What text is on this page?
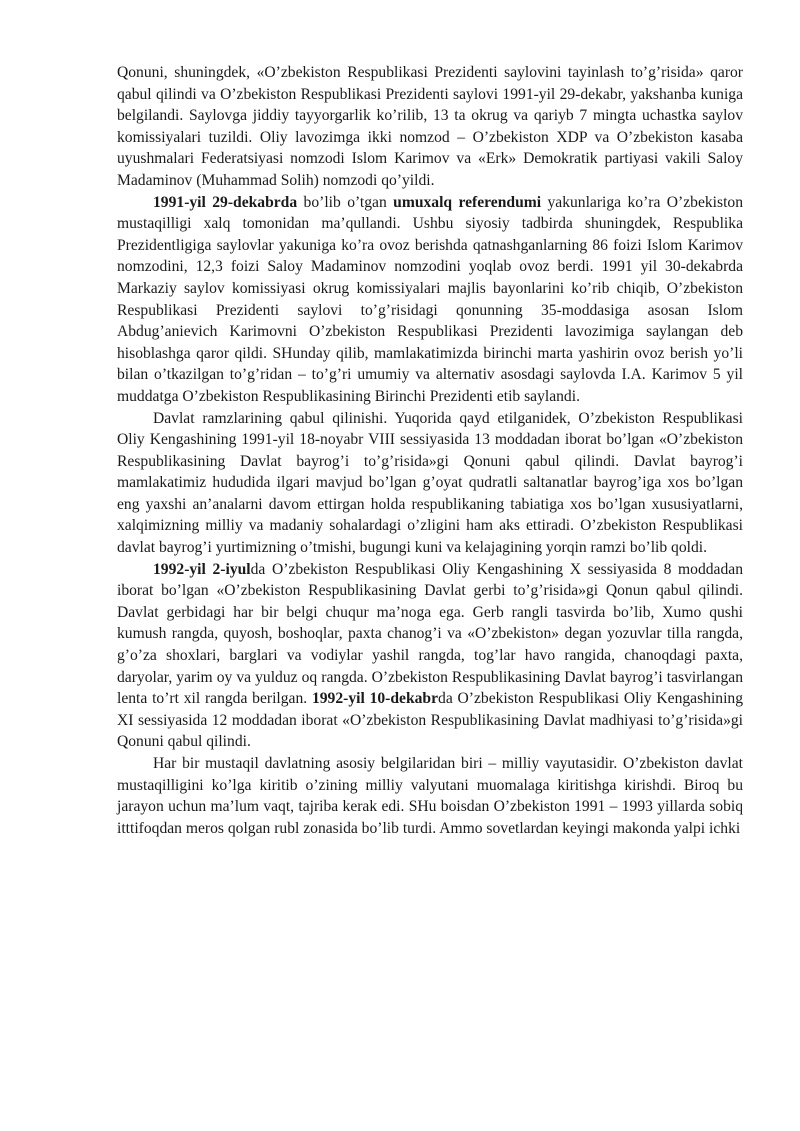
Qonuni, shuningdek, «O’zbekiston Respublikasi Prezidenti saylovini tayinlash to’g’risida» qaror qabul qilindi va O’zbekiston Respublikasi Prezidenti saylovi 1991-yil 29-dekabr, yakshanba kuniga belgilandi. Saylovga jiddiy tayyorgarlik ko’rilib, 13 ta okrug va qariyb 7 mingta uchastka saylov komissiyalari tuzildi. Oliy lavozimga ikki nomzod – O’zbekiston XDP va O’zbekiston kasaba uyushmalari Federatsiyasi nomzodi Islom Karimov va «Erk» Demokratik partiyasi vakili Saloy Madaminov (Muhammad Solih) nomzodi qo’yildi.

1991-yil 29-dekabrda bo’lib o’tgan umuxalq referendumi yakunlariga ko’ra O’zbekiston mustaqilligi xalq tomonidan ma’qullandi. Ushbu siyosiy tadbirda shuningdek, Respublika Prezidentligiga saylovlar yakuniga ko’ra ovoz berishda qatnashganlarning 86 foizi Islom Karimov nomzodini, 12,3 foizi Saloy Madaminov nomzodini yoqlab ovoz berdi. 1991 yil 30-dekabrda Markaziy saylov komissiyasi okrug komissiyalari majlis bayonlarini ko’rib chiqib, O’zbekiston Respublikasi Prezidenti saylovi to’g’risidagi qonunning 35-moddasiga asosan Islom Abdug’anievich Karimovni O’zbekiston Respublikasi Prezidenti lavozimiga saylangan deb hisoblashga qaror qildi. SHunday qilib, mamlakatimizda birinchi marta yashirin ovoz berish yo’li bilan o’tkazilgan to’g’ridan – to’g’ri umumiy va alternativ asosdagi saylovda I.A. Karimov 5 yil muddatga O’zbekiston Respublikasining Birinchi Prezidenti etib saylandi.

Davlat ramzlarining qabul qilinishi. Yuqorida qayd etilganidek, O’zbekiston Respublikasi Oliy Kengashining 1991-yil 18-noyabr VIII sessiyasida 13 moddadan iborat bo’lgan «O’zbekiston Respublikasining Davlat bayrog’i to’g’risida»gi Qonuni qabul qilindi. Davlat bayrog’i mamlakatimiz hududida ilgari mavjud bo’lgan g’oyat qudratli saltanatlar bayrog’iga xos bo’lgan eng yaxshi an’analarni davom ettirgan holda respublikaning tabiatiga xos bo’lgan xususiyatlarni, xalqimizning milliy va madaniy sohalardagi o’zligini ham aks ettiradi. O’zbekiston Respublikasi davlat bayrog’i yurtimizning o’tmishi, bugungi kuni va kelajagining yorqin ramzi bo’lib qoldi.

1992-yil 2-iyulda O’zbekiston Respublikasi Oliy Kengashining X sessiyasida 8 moddadan iborat bo’lgan «O’zbekiston Respublikasining Davlat gerbi to’g’risida»gi Qonun qabul qilindi. Davlat gerbidagi har bir belgi chuqur ma’noga ega. Gerb rangli tasvirda bo’lib, Xumo qushi kumush rangda, quyosh, boshoqlar, paxta chanog’i va «O’zbekiston» degan yozuvlar tilla rangda, g’o’za shoxlari, barglari va vodiylar yashil rangda, tog’lar havo rangida, chanoqdagi paxta, daryolar, yarim oy va yulduz oq rangda. O’zbekiston Respublikasining Davlat bayrog’i tasvirlangan lenta to’rt xil rangda berilgan. 1992-yil 10-dekabrda O’zbekiston Respublikasi Oliy Kengashining XI sessiyasida 12 moddadan iborat «O’zbekiston Respublikasining Davlat madhiyasi to’g’risida»gi Qonuni qabul qilindi.

Har bir mustaqil davlatning asosiy belgilaridan biri – milliy vayutasidir. O’zbekiston davlat mustaqilligini ko’lga kiritib o’zining milliy valyutani muomalaga kiritishga kirishdi. Biroq bu jarayon uchun ma’lum vaqt, tajriba kerak edi. SHu boisdan O’zbekiston 1991 – 1993 yillarda sobiq itttifoqdan meros qolgan rubl zonasida bo’lib turdi. Ammo sovetlardan keyingi makonda yalpi ichki
